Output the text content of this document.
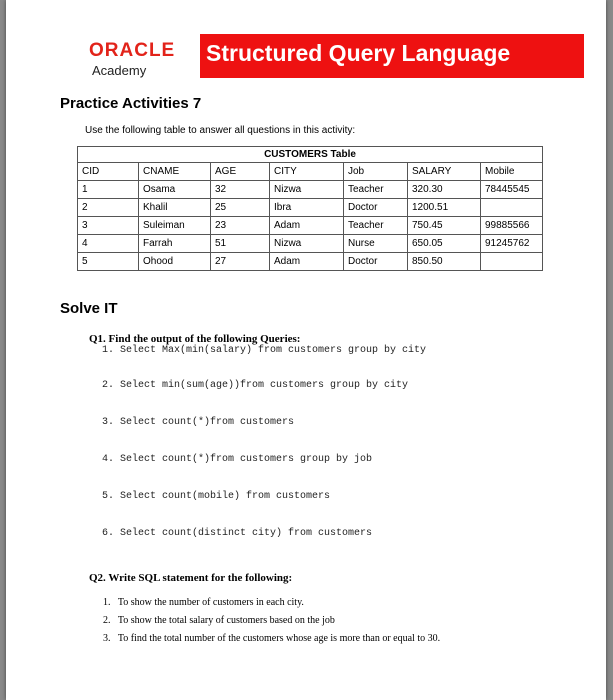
ORACLE
Academy
Structured Query Language
Practice Activities 7
Use the following table to answer all questions in this activity:
CUSTOMERS Table						
CID	CNAME	AGE	CITY	Job	SALARY	Mobile
1	Osama	32	Nizwa	Teacher	320.30	78445545
2	Khalil	25	Ibra	Doctor	1200.51	
3	Suleiman	23	Adam	Teacher	750.45	99885566
4	Farrah	51	Nizwa	Nurse	650.05	91245762
5	Ohood	27	Adam	Doctor	850.50	
Solve IT
Q1. Find the output of the following Queries:
1. Select Max(min(salary) from customers group by city
2. Select min(sum(age))from customers group by city
3. Select count(*)from customers
4. Select count(*)from customers group by job
5. Select count(mobile) from customers
6. Select count(distinct city) from customers
Q2. Write SQL statement for the following:
1.   To show the number of customers in each city.
2.   To show the total salary of customers based on the job
3.   To find the total number of the customers whose age is more than or equal to 30.
